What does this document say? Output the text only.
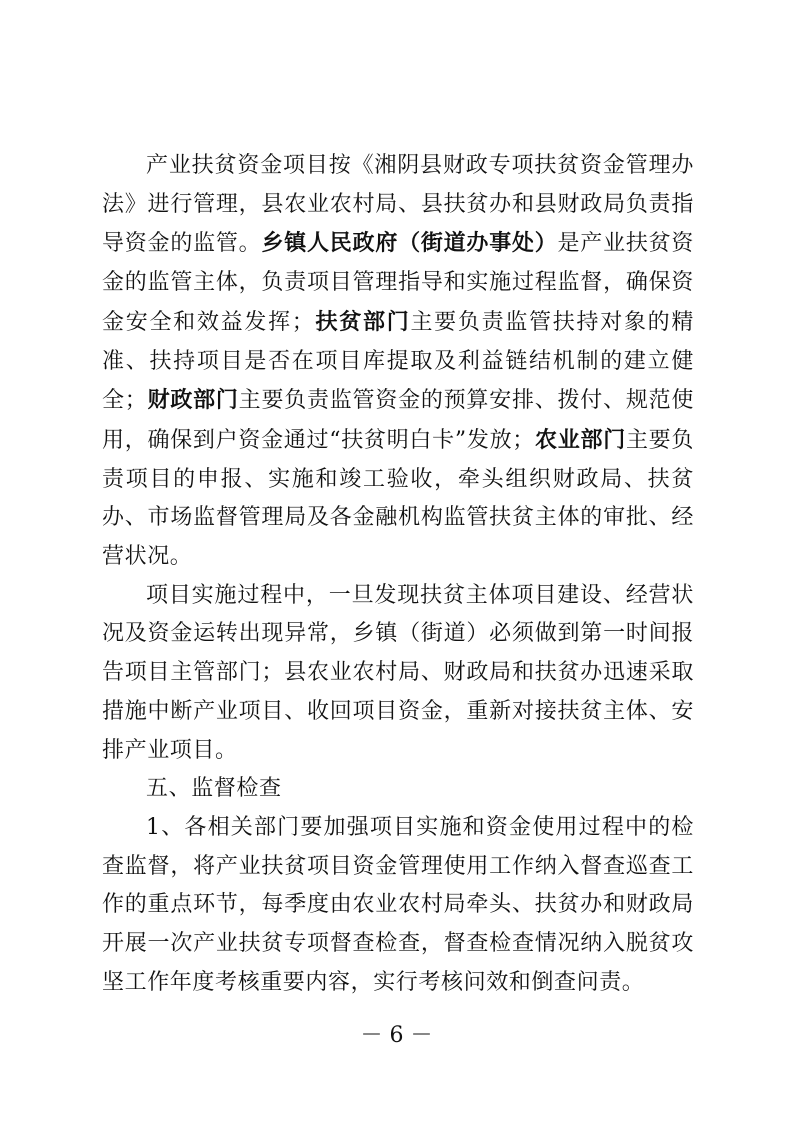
产业扶贫资金项目按《湘阴县财政专项扶贫资金管理办法》进行管理，县农业农村局、县扶贫办和县财政局负责指导资金的监管。乡镇人民政府（街道办事处）是产业扶贫资金的监管主体，负责项目管理指导和实施过程监督，确保资金安全和效益发挥；扶贫部门主要负责监管扶持对象的精准、扶持项目是否在项目库提取及利益链结机制的建立健全；财政部门主要负责监管资金的预算安排、拨付、规范使用，确保到户资金通过“扶贫明白卡”发放；农业部门主要负责项目的申报、实施和竣工验收，牵头组织财政局、扶贫办、市场监督管理局及各金融机构监管扶贫主体的审批、经营状况。

项目实施过程中，一旦发现扶贫主体项目建设、经营状况及资金运转出现异常，乡镇（街道）必须做到第一时间报告项目主管部门；县农业农村局、财政局和扶贫办迅速采取措施中断产业项目、收回项目资金，重新对接扶贫主体、安排产业项目。

五、监督检查

1、各相关部门要加强项目实施和资金使用过程中的检查监督，将产业扶贫项目资金管理使用工作纳入督查巡查工作的重点环节，每季度由农业农村局牵头、扶贫办和财政局开展一次产业扶贫专项督查检查，督查检查情况纳入脱贫攻坚工作年度考核重要内容，实行考核问效和倒查问责。

－ 6 －
